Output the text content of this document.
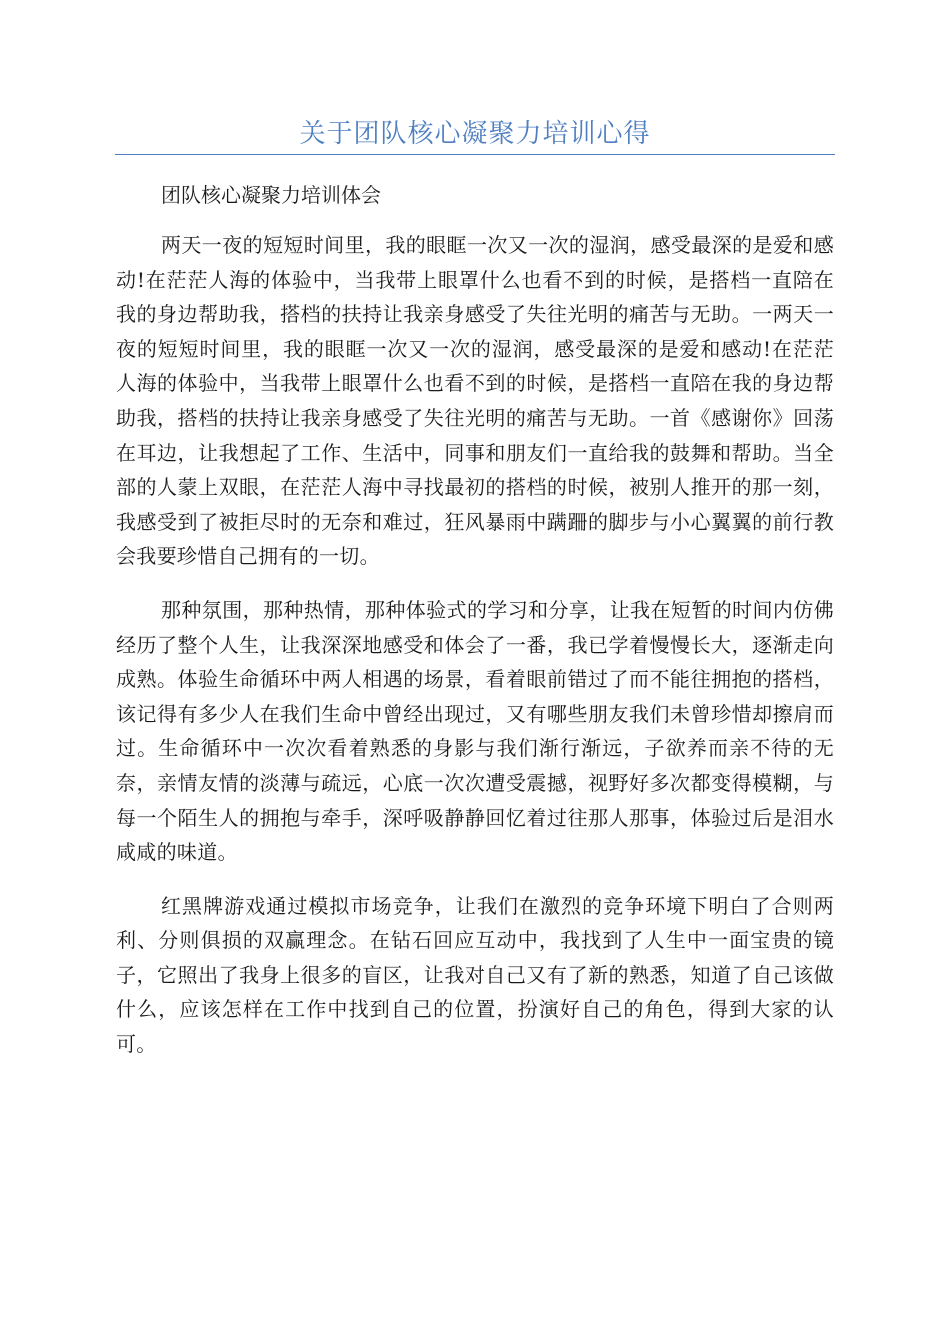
关于团队核心凝聚力培训心得

团队核心凝聚力培训体会

两天一夜的短短时间里，我的眼眶一次又一次的湿润，感受最深的是爱和感动!在茫茫人海的体验中，当我带上眼罩什么也看不到的时候，是搭档一直陪在我的身边帮助我，搭档的扶持让我亲身感受了失往光明的痛苦与无助。一两天一夜的短短时间里，我的眼眶一次又一次的湿润，感受最深的是爱和感动!在茫茫人海的体验中，当我带上眼罩什么也看不到的时候，是搭档一直陪在我的身边帮助我，搭档的扶持让我亲身感受了失往光明的痛苦与无助。一首《感谢你》回荡在耳边，让我想起了工作、生活中，同事和朋友们一直给我的鼓舞和帮助。当全部的人蒙上双眼，在茫茫人海中寻找最初的搭档的时候，被别人推开的那一刻，我感受到了被拒尽时的无奈和难过，狂风暴雨中蹒跚的脚步与小心翼翼的前行教会我要珍惜自己拥有的一切。

那种氛围，那种热情，那种体验式的学习和分享，让我在短暂的时间内仿佛经历了整个人生，让我深深地感受和体会了一番，我已学着慢慢长大，逐渐走向成熟。体验生命循环中两人相遇的场景，看着眼前错过了而不能往拥抱的搭档，该记得有多少人在我们生命中曾经出现过，又有哪些朋友我们未曾珍惜却擦肩而过。生命循环中一次次看着熟悉的身影与我们渐行渐远，子欲养而亲不待的无奈，亲情友情的淡薄与疏远，心底一次次遭受震撼，视野好多次都变得模糊，与每一个陌生人的拥抱与牵手，深呼吸静静回忆着过往那人那事，体验过后是泪水咸咸的味道。

红黑牌游戏通过模拟市场竞争，让我们在激烈的竞争环境下明白了合则两利、分则俱损的双赢理念。在钻石回应互动中，我找到了人生中一面宝贵的镜子，它照出了我身上很多的盲区，让我对自己又有了新的熟悉，知道了自己该做什么，应该怎样在工作中找到自己的位置，扮演好自己的角色，得到大家的认可。
